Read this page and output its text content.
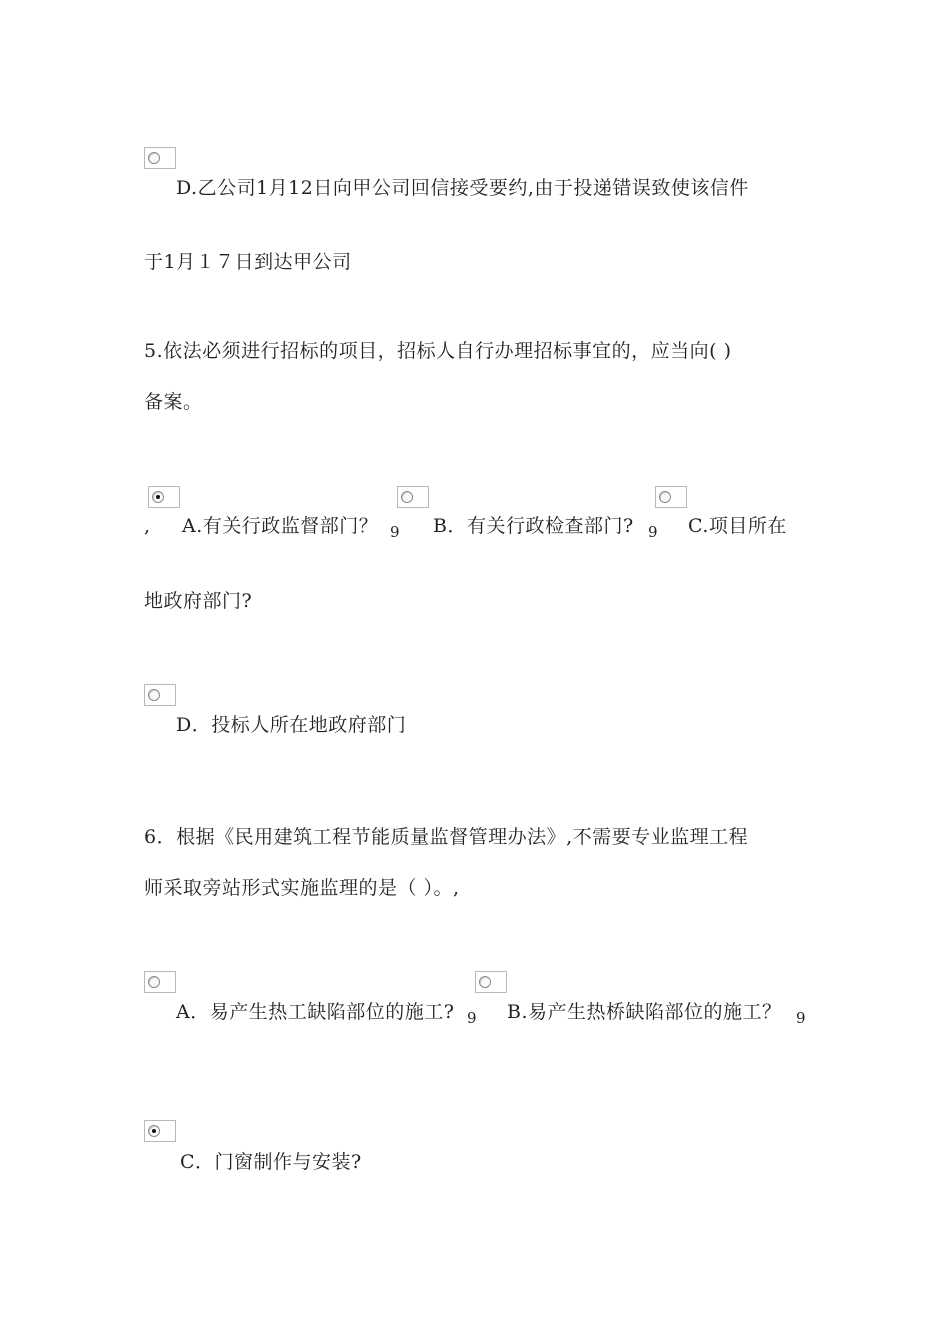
D.乙公司1月12日向甲公司回信接受要约,由于投递错误致使该信件
于1月１７日到达甲公司
5.依法必须进行招标的项目，招标人自行办理招标事宜的，应当向( )
备案。
, A.有关行政监督部门？ 9 B．有关行政检查部门? 9 C.项目所在
地政府部门?
D．投标人所在地政府部门
6．根据《民用建筑工程节能质量监督管理办法》,不需要专业监理工程
师采取旁站形式实施监理的是（ ）。,
A．易产生热工缺陷部位的施工? 9 B.易产生热桥缺陷部位的施工？ 9
C．门窗制作与安装?
